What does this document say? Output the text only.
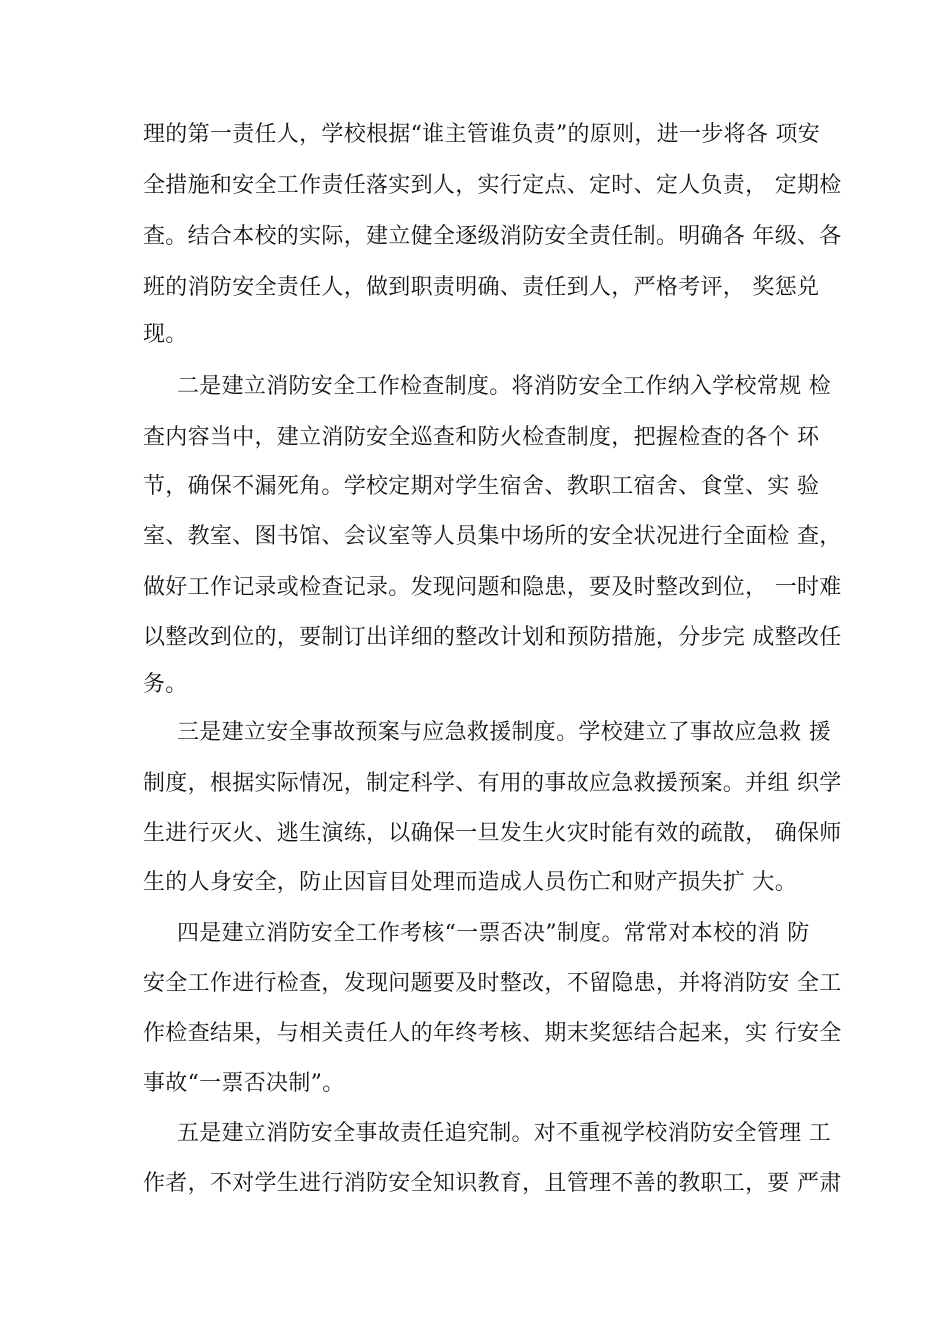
理的第一责任人，学校根据“谁主管谁负责”的原则，进一步将各 项安
全措施和安全工作责任落实到人，实行定点、定时、定人负责， 定期检
查。结合本校的实际，建立健全逐级消防安全责任制。明确各 年级、各
班的消防安全责任人，做到职责明确、责任到人，严格考评， 奖惩兑
现。
二是建立消防安全工作检查制度。将消防安全工作纳入学校常规 检
查内容当中，建立消防安全巡查和防火检查制度，把握检查的各个 环
节，确保不漏死角。学校定期对学生宿舍、教职工宿舍、食堂、实 验
室、教室、图书馆、会议室等人员集中场所的安全状况进行全面检 查，
做好工作记录或检查记录。发现问题和隐患，要及时整改到位， 一时难
以整改到位的，要制订出详细的整改计划和预防措施，分步完 成整改任
务。
三是建立安全事故预案与应急救援制度。学校建立了事故应急救 援
制度，根据实际情况，制定科学、有用的事故应急救援预案。并组 织学
生进行灭火、逃生演练，以确保一旦发生火灾时能有效的疏散， 确保师
生的人身安全，防止因盲目处理而造成人员伤亡和财产损失扩 大。
四是建立消防安全工作考核“一票否决”制度。常常对本校的消 防
安全工作进行检查，发现问题要及时整改，不留隐患，并将消防安 全工
作检查结果，与相关责任人的年终考核、期末奖惩结合起来，实 行安全
事故“一票否决制”。
五是建立消防安全事故责任追究制。对不重视学校消防安全管理 工
作者，不对学生进行消防安全知识教育，且管理不善的教职工，要 严肃
